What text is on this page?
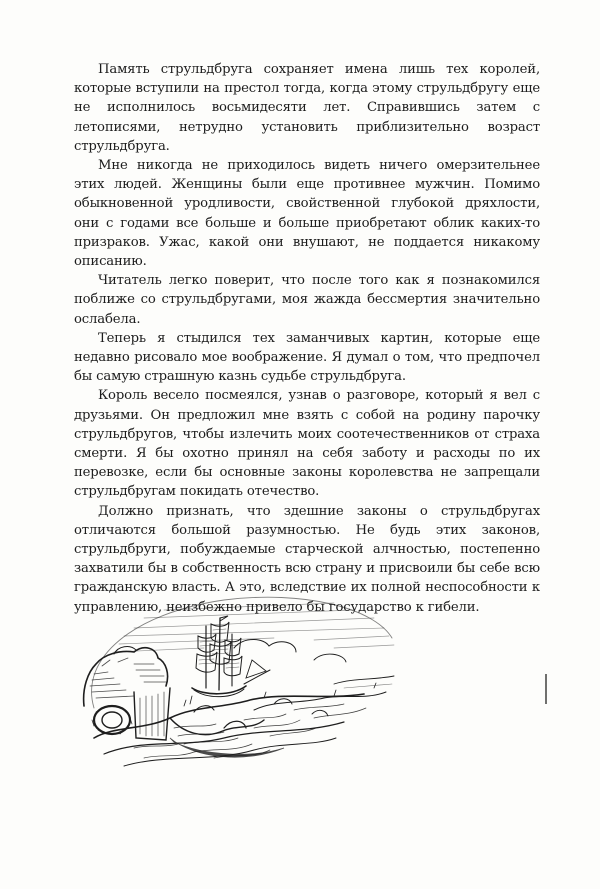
Память струльдбруга сохраняет имена лишь тех королей, которые вступили на престол тогда, когда этому струльдбругу еще не исполнилось восьмидесяти лет. Справившись затем с летописями, нетрудно установить приблизительно возраст струльдбруга.

Мне никогда не приходилось видеть ничего омерзительнее этих людей. Женщины были еще противнее мужчин. Помимо обыкновенной уродливости, свойственной глубокой дряхлости, они с годами все больше и больше приобретают облик каких-то призраков. Ужас, какой они внушают, не поддается никакому описанию.

Читатель легко поверит, что после того как я познакомился поближе со струльдбругами, моя жажда бессмертия значительно ослабела.

Теперь я стыдился тех заманчивых картин, которые еще недавно рисовало мое воображение. Я думал о том, что предпочел бы самую страшную казнь судьбе струльдбруга.

Король весело посмеялся, узнав о разговоре, который я вел с друзьями. Он предложил мне взять с собой на родину парочку струльдбругов, чтобы излечить моих соотечественников от страха смерти. Я бы охотно принял на себя заботу и расходы по их перевозке, если бы основные законы королевства не запрещали струльдбругам покидать отечество.

Должно признать, что здешние законы о струльдбругах отличаются большой разумностью. Не будь этих законов, струльдбруги, побуждаемые старческой алчностью, постепенно захватили бы в собственность всю страну и присвоили бы себе всю гражданскую власть. А это, вследствие их полной неспособности к управлению, неизбежно привело бы государство к гибели.
